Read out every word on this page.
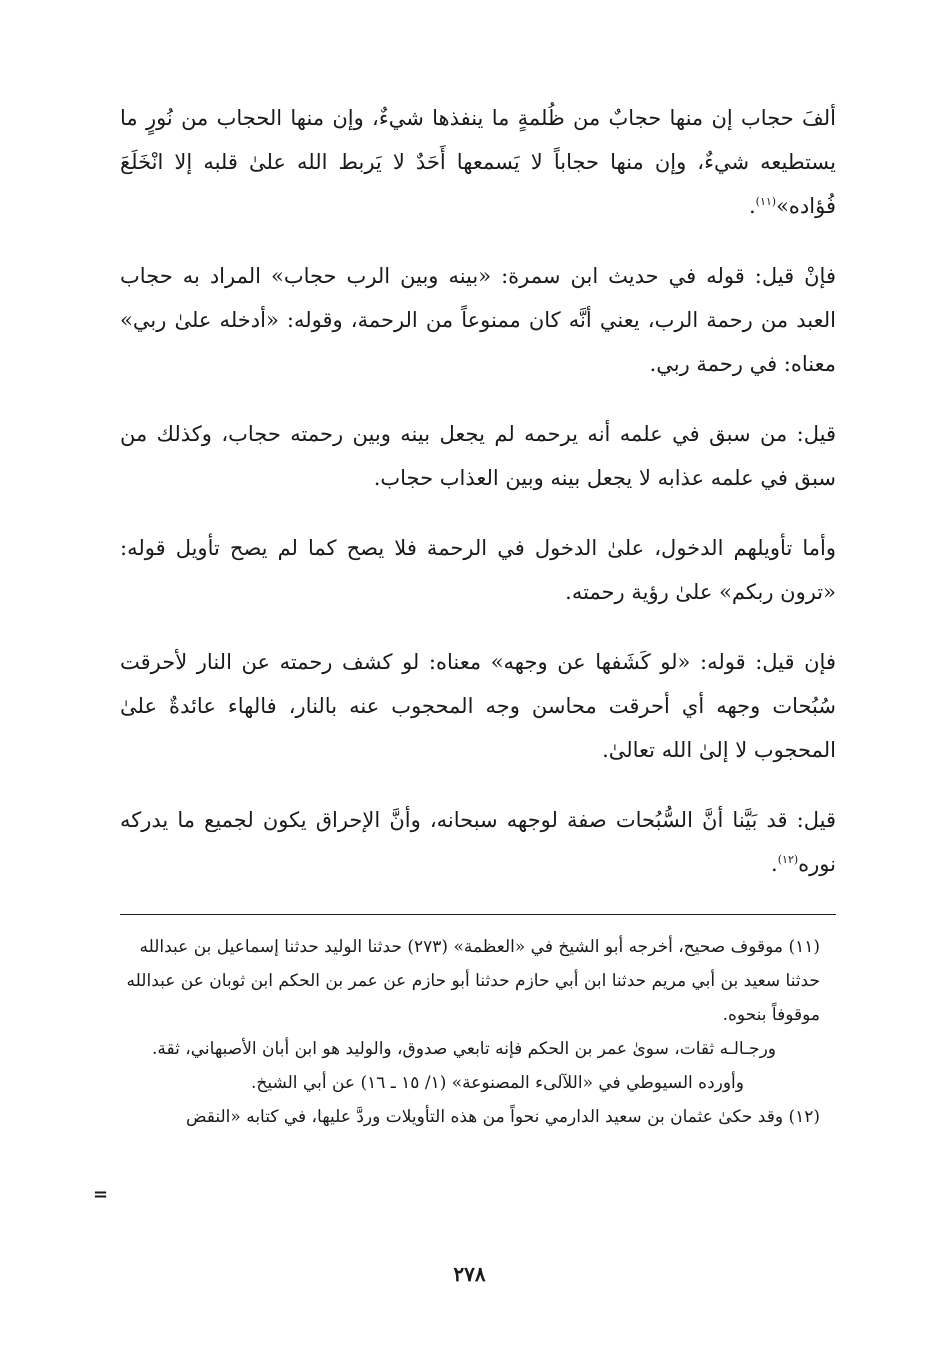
ألفَ حجاب إن منها حجابٌ من ظُلمةٍ ما ينفذها شيءٌ، وإن منها الحجاب من نُورٍ ما يستطيعه شيءٌ، وإن منها حجاباً لا يَسمعها أَحَدٌ لا يَربط الله علىٰ قلبه إلا انْخَلَعَ فُؤاده»$^{(١١)}$.

فإنْ قيل: قوله في حديث ابن سمرة: «بينه وبين الرب حجاب» المراد به حجاب العبد من رحمة الرب، يعني أنَّه كان ممنوعاً من الرحمة، وقوله: «أدخله علىٰ ربي» معناه: في رحمة ربي.

قيل: من سبق في علمه أنه يرحمه لم يجعل بينه وبين رحمته حجاب، وكذلك من سبق في علمه عذابه لا يجعل بينه وبين العذاب حجاب.

وأما تأويلهم الدخول، علىٰ الدخول في الرحمة فلا يصح كما لم يصح تأويل قوله: «ترون ربكم» علىٰ رؤية رحمته.

فإن قيل: قوله: «لو كَشَفها عن وجهه» معناه: لو كشف رحمته عن النار لأحرقت سُبُحات وجهه أي أحرقت محاسن وجه المحجوب عنه بالنار، فالهاء عائدةٌ علىٰ المحجوب لا إلىٰ الله تعالىٰ.

قيل: قد بَيَّنا أنَّ السُّبُحات صفة لوجهه سبحانه، وأنَّ الإحراق يكون لجميع ما يدركه نوره$^{(١٢)}$.

(١١) موقوف صحيح، أخرجه أبو الشيخ في «العظمة» (٢٧٣) حدثنا الوليد حدثنا إسماعيل بن عبدالله حدثنا سعيد بن أبي مريم حدثنا ابن أبي حازم حدثنا أبو حازم عن عمر بن الحكم ابن ثوبان عن عبدالله موقوفاً بنحوه.

ورجـالـه ثقات، سوىٰ عمر بن الحكم فإنه تابعي صدوق، والوليد هو ابن أبان الأصبهاني، ثقة.

وأورده السيوطي في «اللآلىء المصنوعة» (١/ ١٥ ـ ١٦) عن أبي الشيخ.

(١٢) وقد حكىٰ عثمان بن سعيد الدارمي نحواً من هذه التأويلات وردَّ عليها، في كتابه «النقض

=
٢٧٨
